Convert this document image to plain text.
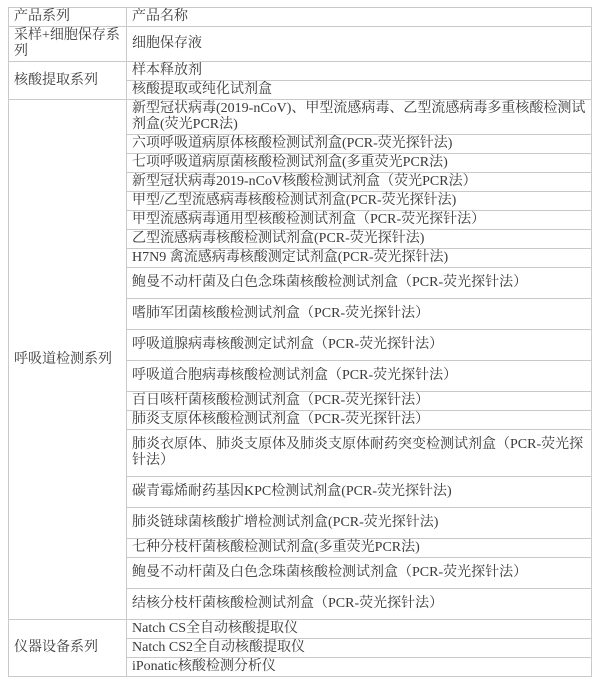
产品系列	产品名称
采样+细胞保存系列	细胞保存液
核酸提取系列	样本释放剂
	核酸提取或纯化试剂盒
呼吸道检测系列	新型冠状病毒(2019-nCoV)、甲型流感病毒、乙型流感病毒多重核酸检测试剂盒(荧光PCR法)
	六项呼吸道病原体核酸检测试剂盒(PCR-荧光探针法)
	七项呼吸道病原菌核酸检测试剂盒(多重荧光PCR法)
	新型冠状病毒2019-nCoV核酸检测试剂盒（荧光PCR法）
	甲型/乙型流感病毒核酸检测试剂盒(PCR-荧光探针法)
	甲型流感病毒通用型核酸检测试剂盒（PCR-荧光探针法）
	乙型流感病毒核酸检测试剂盒(PCR-荧光探针法)
	H7N9 禽流感病毒核酸测定试剂盒(PCR-荧光探针法)
	鲍曼不动杆菌及白色念珠菌核酸检测试剂盒（PCR-荧光探针法）
	嗜肺军团菌核酸检测试剂盒（PCR-荧光探针法）
	呼吸道腺病毒核酸测定试剂盒（PCR-荧光探针法）
	呼吸道合胞病毒核酸检测试剂盒（PCR-荧光探针法）
	百日咳杆菌核酸检测试剂盒（PCR-荧光探针法）
	肺炎支原体核酸检测试剂盒（PCR-荧光探针法）
	肺炎衣原体、肺炎支原体及肺炎支原体耐药突变检测试剂盒（PCR-荧光探针法）
	碳青霉烯耐药基因KPC检测试剂盒(PCR-荧光探针法)
	肺炎链球菌核酸扩增检测试剂盒(PCR-荧光探针法)
	七种分枝杆菌核酸检测试剂盒(多重荧光PCR法)
	鲍曼不动杆菌及白色念珠菌核酸检测试剂盒（PCR-荧光探针法）
	结核分枝杆菌核酸检测试剂盒（PCR-荧光探针法）
仪器设备系列	Natch CS全自动核酸提取仪
	Natch CS2全自动核酸提取仪
	iPonatic核酸检测分析仪
